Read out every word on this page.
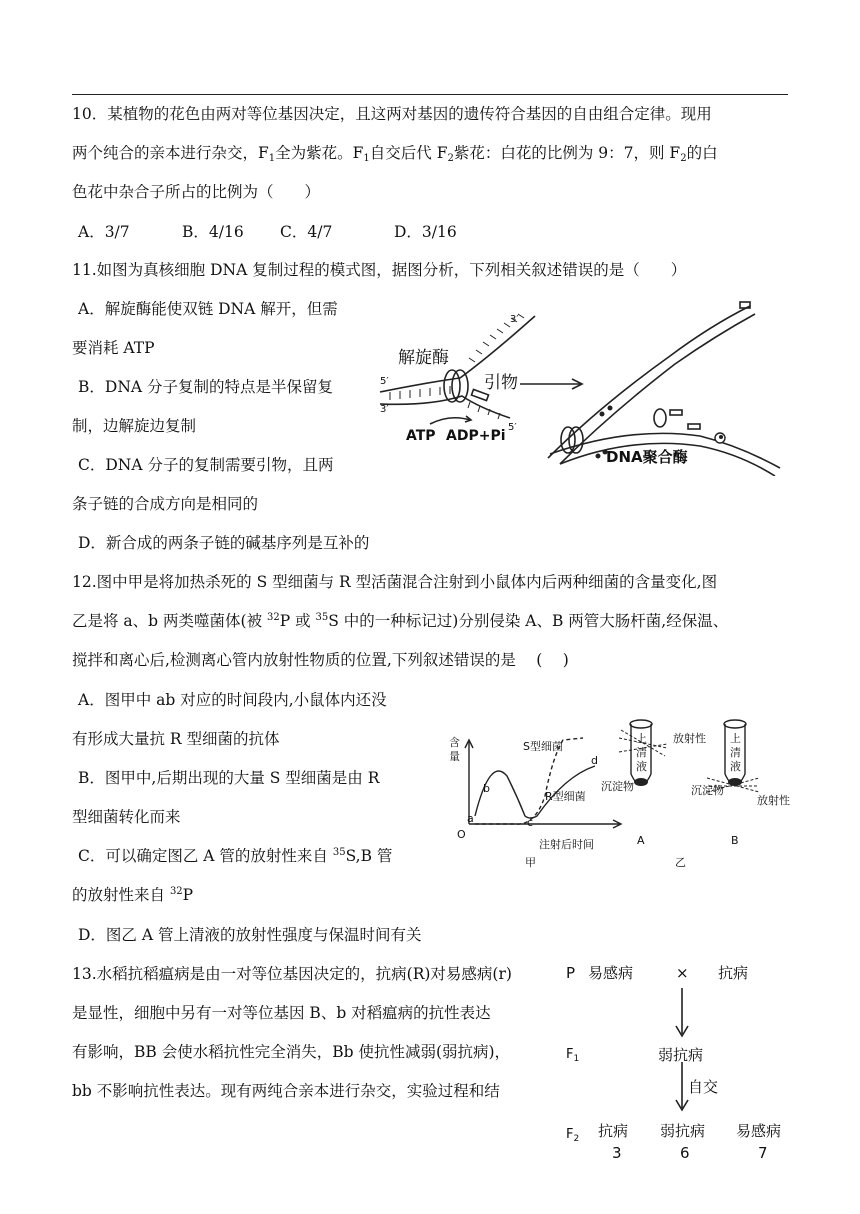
10．某植物的花色由两对等位基因决定，且这两对基因的遗传符合基因的自由组合定律。现用
两个纯合的亲本进行杂交，$F_1$全为紫花。$F_1$自交后代 $F_2$紫花：白花的比例为 9：7，则 $F_2$的白
色花中杂合子所占的比例为（　　）
A．3/7	B．4/16 C．4/7	D．3/16
11.如图为真核细胞 DNA 复制过程的模式图，据图分析，下列相关叙述错误的是（　　）
A．解旋酶能使双链 DNA 解开，但需
要消耗 ATP
B．DNA 分子复制的特点是半保留复
制，边解旋边复制
C．DNA 分子的复制需要引物，且两
条子链的合成方向是相同的
D．新合成的两条子链的碱基序列是互补的
解旋酶
引物
ATP ADP+Pi
DNA聚合酶
3′
5′
3′
5′
12.图中甲是将加热杀死的 S 型细菌与 R 型活菌混合注射到小鼠体内后两种细菌的含量变化,图
乙是将 a、b 两类噬菌体(被 $^{32}$P 或 $^{35}$S 中的一种标记过)分别侵染 A、B 两管大肠杆菌,经保温、
搅拌和离心后,检测离心管内放射性物质的位置,下列叙述错误的是　 (　 )
A．图甲中 ab 对应的时间段内,小鼠体内还没
有形成大量抗 R 型细菌的抗体
B．图甲中,后期出现的大量 S 型细菌是由 R
型细菌转化而来
C．可以确定图乙 A 管的放射性来自 $^{35}$S,B 管
的放射性来自 $^{32}$P
D．图乙 A 管上清液的放射性强度与保温时间有关
含
量
S型细菌
R型细菌
a
b
c
d
O
注射后时间
甲	乙
上
清
液
放射性
沉淀物
A
上
清
液
沉淀物
放射性
B
13.水稻抗稻瘟病是由一对等位基因决定的，抗病(R)对易感病(r)
是显性，细胞中另有一对等位基因 B、b 对稻瘟病的抗性表达
有影响，BB 会使水稻抗性完全消失，Bb 使抗性减弱(弱抗病)，
bb 不影响抗性表达。现有两纯合亲本进行杂交，实验过程和结
P 易感病	× 抗病
$F_1$	弱抗病
自交
$F_2$ 抗病 弱抗病 易感病
3	6	7
